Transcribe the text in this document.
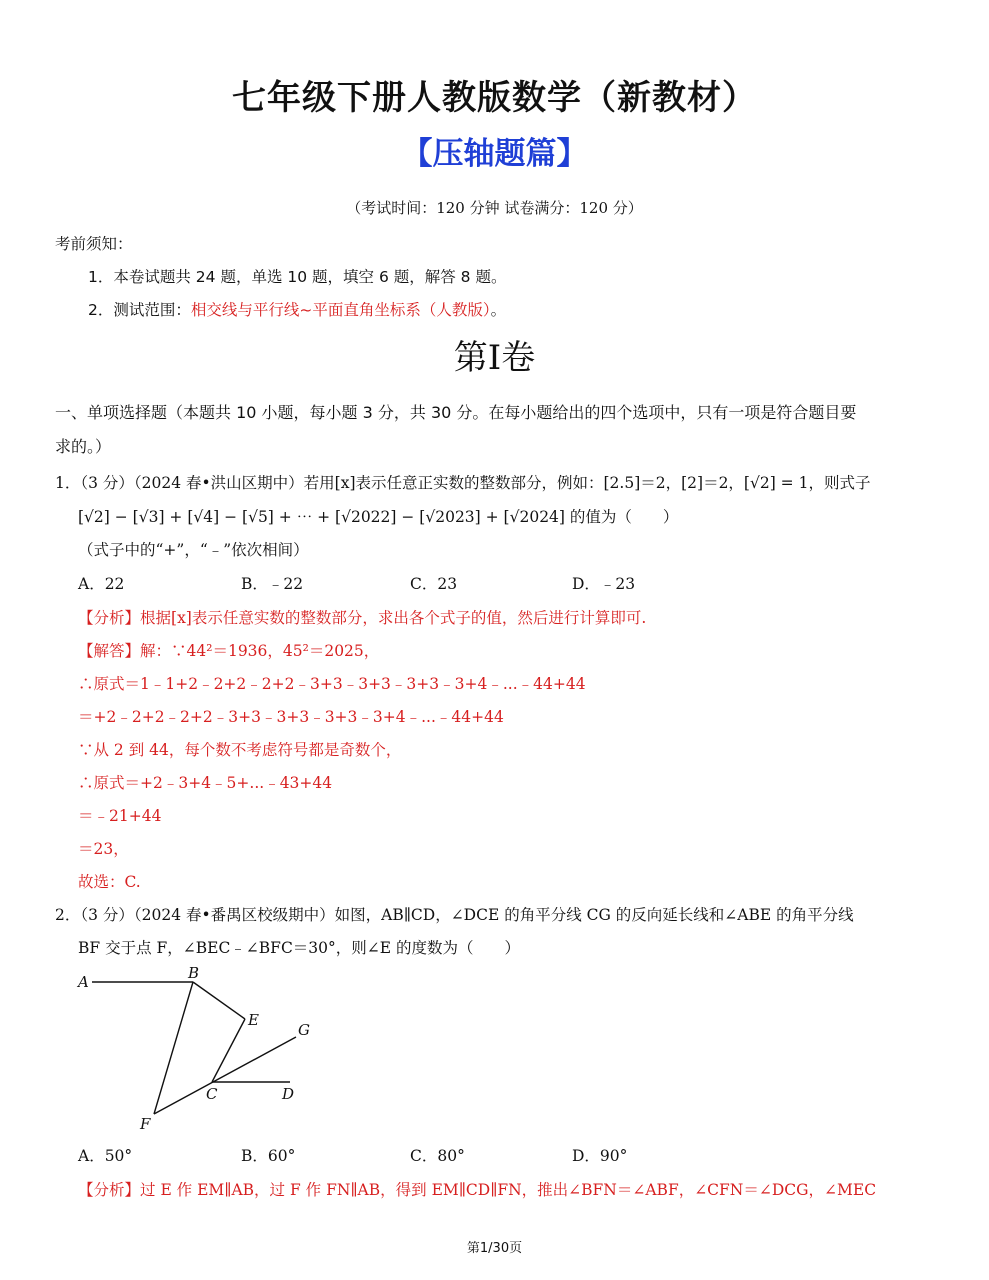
七年级下册人教版数学（新教材）
【压轴题篇】
（考试时间：120 分钟 试卷满分：120 分）
考前须知：
1．本卷试题共 24 题，单选 10 题，填空 6 题，解答 8 题。
2．测试范围：相交线与平行线~平面直角坐标系（人教版）。
第Ⅰ卷
一、单项选择题（本题共 10 小题，每小题 3 分，共 30 分。在每小题给出的四个选项中，只有一项是符合题目要
求的。）
1．（3 分）（2024 春•洪山区期中）若用[x]表示任意正实数的整数部分，例如：[2.5]＝2，[2]＝2，[√2] = 1，则式子
[√2] − [√3] + [√4] − [√5] + ⋯ + [√2022] − [√2023] + [√2024] 的值为（　　）
（式子中的“+”，“﹣”依次相间）
A．22	B．﹣22	C．23	D．﹣23
【分析】根据[x]表示任意实数的整数部分，求出各个式子的值，然后进行计算即可.
【解答】解：∵44²＝1936，45²＝2025，
∴原式＝1﹣1+2﹣2+2﹣2+2﹣3+3﹣3+3﹣3+3﹣3+4﹣...﹣44+44
＝+2﹣2+2﹣2+2﹣3+3﹣3+3﹣3+3﹣3+4﹣...﹣44+44
∵从 2 到 44，每个数不考虑符号都是奇数个，
∴原式＝+2﹣3+4﹣5+...﹣43+44
＝﹣21+44
＝23，
故选：C.
2．（3 分）（2024 春•番禺区校级期中）如图，AB∥CD，∠DCE 的角平分线 CG 的反向延长线和∠ABE 的角平分线
BF 交于点 F，∠BEC﹣∠BFC＝30°，则∠E 的度数为（　　）
A	B
E
G
C	D
F
A．50°	B．60°	C．80°	D．90°
【分析】过 E 作 EM∥AB，过 F 作 FN∥AB，得到 EM∥CD∥FN，推出∠BFN＝∠ABF，∠CFN＝∠DCG，∠MEC
第1/30页
